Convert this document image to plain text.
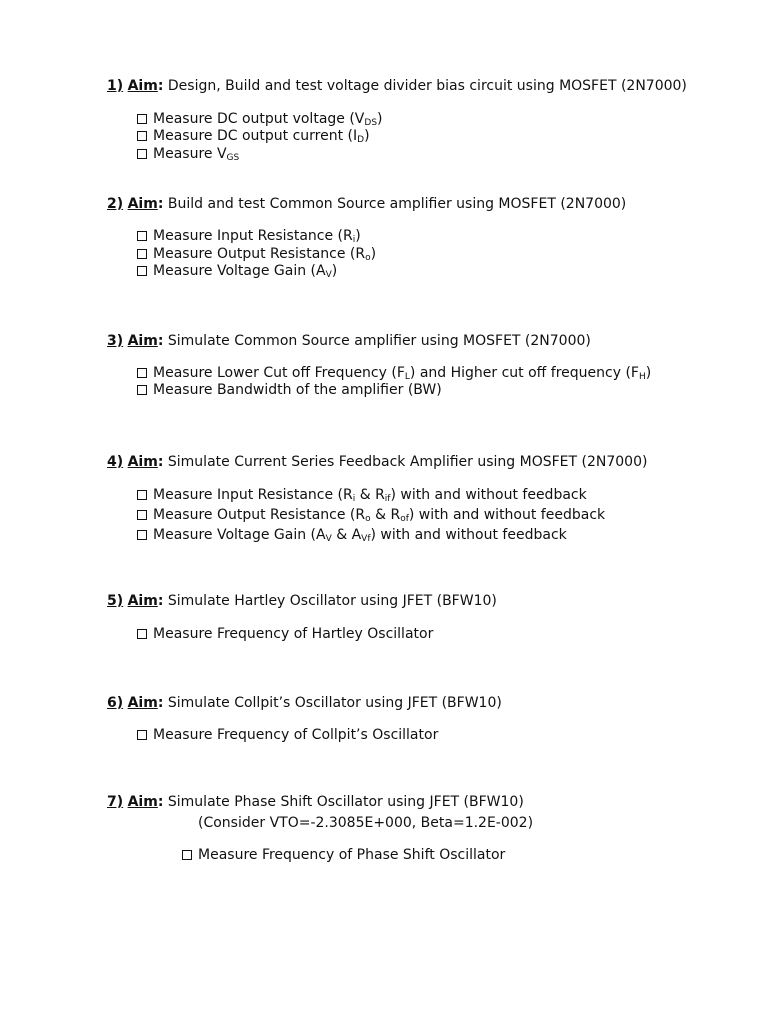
1) Aim: Design, Build and test voltage divider bias circuit using MOSFET (2N7000)
Measure DC output voltage $(V_{DS})$
Measure DC output current $(I_D)$
Measure $V_{GS}$
2) Aim: Build and test Common Source amplifier using MOSFET (2N7000)
Measure Input Resistance $(R_i)$
Measure Output Resistance $(R_o)$
Measure Voltage Gain $(A_V)$
3) Aim: Simulate Common Source amplifier using MOSFET (2N7000)
Measure Lower Cut off Frequency $(F_L)$ and Higher cut off frequency $(F_H)$
Measure Bandwidth of the amplifier (BW)
4) Aim: Simulate Current Series Feedback Amplifier using MOSFET (2N7000)
Measure Input Resistance ($R_i$ & $R_{if}$) with and without feedback
Measure Output Resistance ($R_o$ & $R_{of}$) with and without feedback
Measure Voltage Gain ($A_V$ & $A_{Vf}$) with and without feedback
5) Aim: Simulate Hartley Oscillator using JFET (BFW10)
Measure Frequency of Hartley Oscillator
6) Aim: Simulate Collpit’s Oscillator using JFET (BFW10)
Measure Frequency of Collpit’s Oscillator
7) Aim: Simulate Phase Shift Oscillator using JFET (BFW10)
(Consider VTO=-2.3085E+000, Beta=1.2E-002)
Measure Frequency of Phase Shift Oscillator
